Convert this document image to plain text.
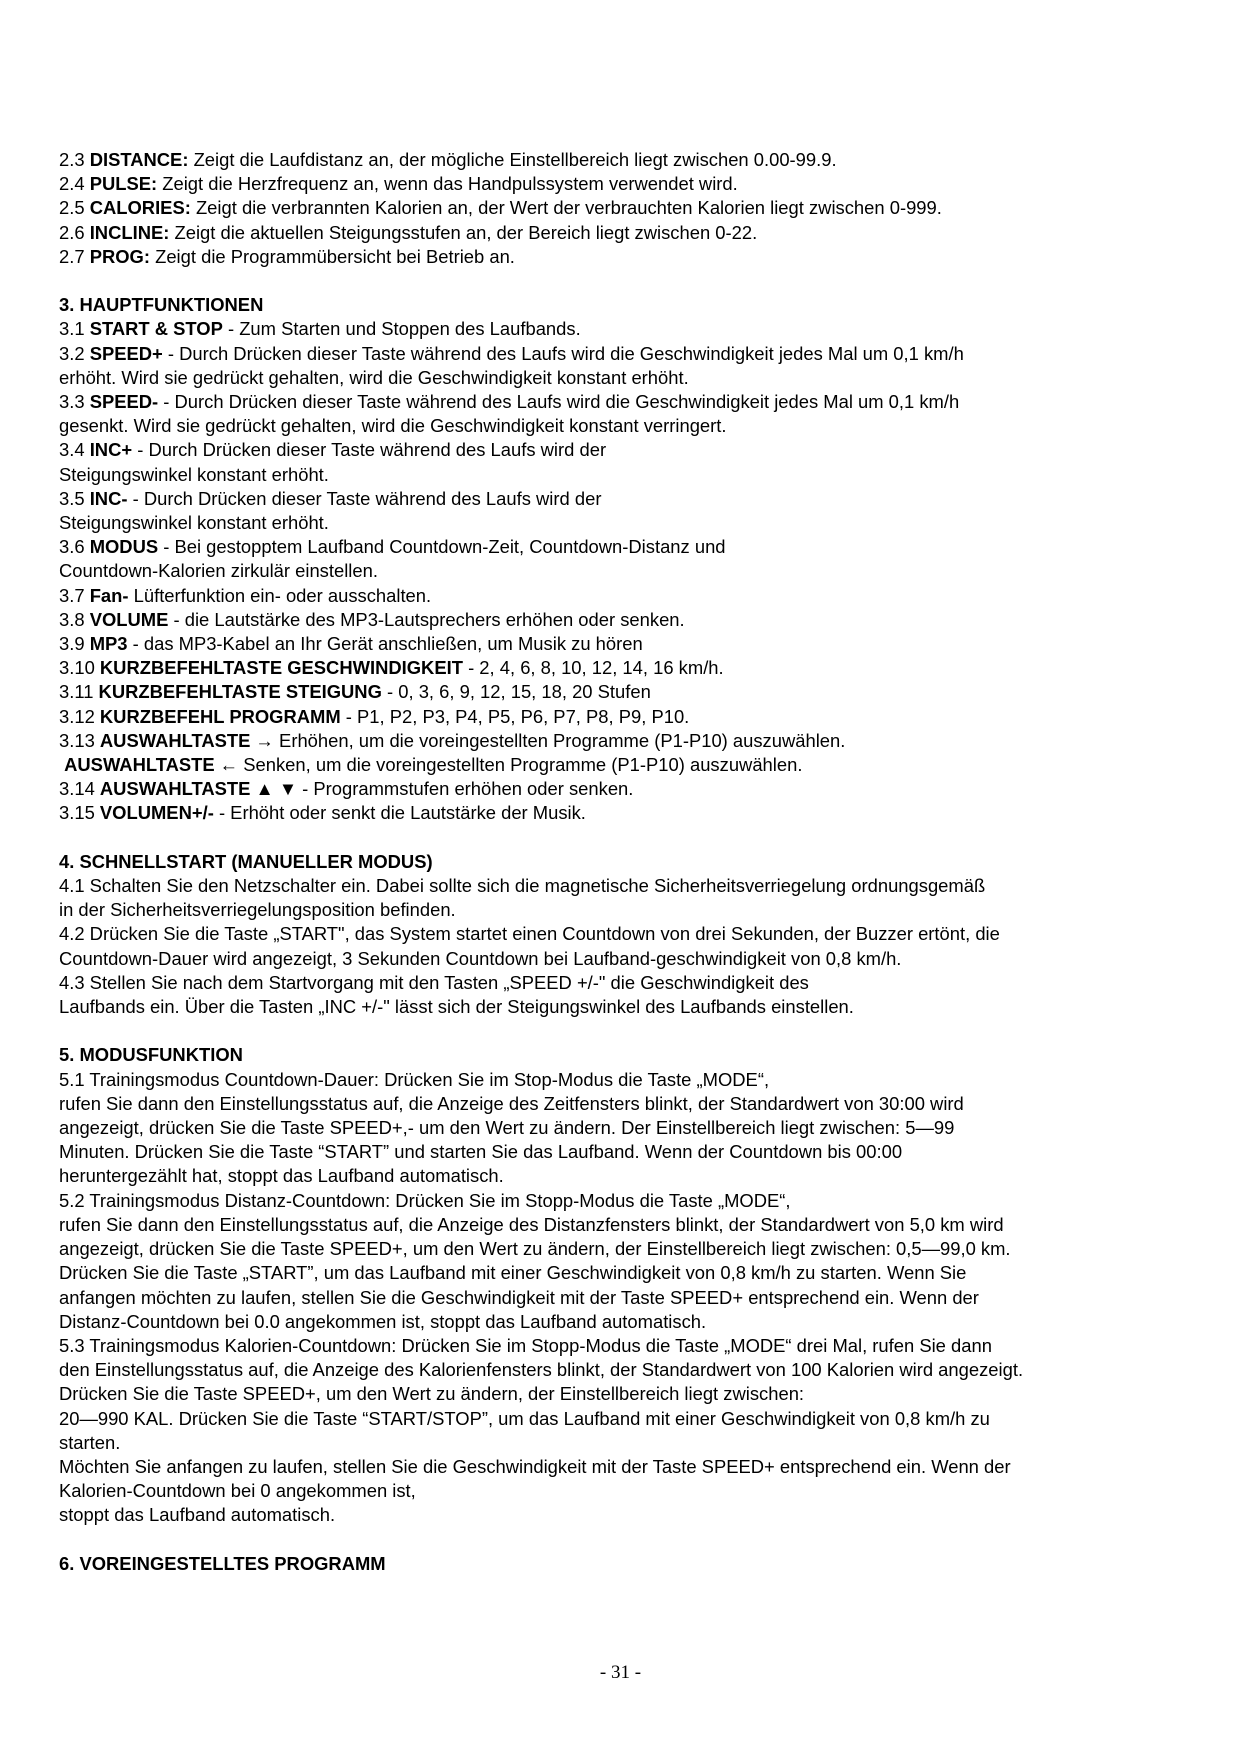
2.3 DISTANCE: Zeigt die Laufdistanz an, der mögliche Einstellbereich liegt zwischen 0.00-99.9.
2.4 PULSE: Zeigt die Herzfrequenz an, wenn das Handpulssystem verwendet wird.
2.5 CALORIES: Zeigt die verbrannten Kalorien an, der Wert der verbrauchten Kalorien liegt zwischen 0-999.
2.6 INCLINE: Zeigt die aktuellen Steigungsstufen an, der Bereich liegt zwischen 0-22.
2.7 PROG: Zeigt die Programmübersicht bei Betrieb an.
3. HAUPTFUNKTIONEN
3.1 START & STOP - Zum Starten und Stoppen des Laufbands.
3.2 SPEED+ - Durch Drücken dieser Taste während des Laufs wird die Geschwindigkeit jedes Mal um 0,1 km/h
erhöht. Wird sie gedrückt gehalten, wird die Geschwindigkeit konstant erhöht.
3.3 SPEED- - Durch Drücken dieser Taste während des Laufs wird die Geschwindigkeit jedes Mal um 0,1 km/h
gesenkt. Wird sie gedrückt gehalten, wird die Geschwindigkeit konstant verringert.
3.4 INC+ - Durch Drücken dieser Taste während des Laufs wird der
Steigungswinkel konstant erhöht.
3.5 INC- - Durch Drücken dieser Taste während des Laufs wird der
Steigungswinkel konstant erhöht.
3.6 MODUS - Bei gestopptem Laufband Countdown-Zeit, Countdown-Distanz und
Countdown-Kalorien zirkulär einstellen.
3.7 Fan- Lüfterfunktion ein- oder ausschalten.
3.8 VOLUME - die Lautstärke des MP3-Lautsprechers erhöhen oder senken.
3.9 MP3 - das MP3-Kabel an Ihr Gerät anschließen, um Musik zu hören
3.10 KURZBEFEHLTASTE GESCHWINDIGKEIT - 2, 4, 6, 8, 10, 12, 14, 16 km/h.
3.11 KURZBEFEHLTASTE STEIGUNG - 0, 3, 6, 9, 12, 15, 18, 20 Stufen
3.12 KURZBEFEHL PROGRAMM - P1, P2, P3, P4, P5, P6, P7, P8, P9, P10.
3.13 AUSWAHLTASTE → Erhöhen, um die voreingestellten Programme (P1-P10) auszuwählen.
AUSWAHLTASTE ← Senken, um die voreingestellten Programme (P1-P10) auszuwählen.
3.14 AUSWAHLTASTE ▲ ▼ - Programmstufen erhöhen oder senken.
3.15 VOLUMEN+/- - Erhöht oder senkt die Lautstärke der Musik.
4. SCHNELLSTART (MANUELLER MODUS)
4.1 Schalten Sie den Netzschalter ein. Dabei sollte sich die magnetische Sicherheitsverriegelung ordnungsgemäß
in der Sicherheitsverriegelungsposition befinden.
4.2 Drücken Sie die Taste „START", das System startet einen Countdown von drei Sekunden, der Buzzer ertönt, die
Countdown-Dauer wird angezeigt, 3 Sekunden Countdown bei Laufband-geschwindigkeit von 0,8 km/h.
4.3 Stellen Sie nach dem Startvorgang mit den Tasten „SPEED +/-" die Geschwindigkeit des
Laufbands ein. Über die Tasten „INC +/-" lässt sich der Steigungswinkel des Laufbands einstellen.
5. MODUSFUNKTION
5.1 Trainingsmodus Countdown-Dauer: Drücken Sie im Stop-Modus die Taste „MODE“,
rufen Sie dann den Einstellungsstatus auf, die Anzeige des Zeitfensters blinkt, der Standardwert von 30:00 wird
angezeigt, drücken Sie die Taste SPEED+,- um den Wert zu ändern. Der Einstellbereich liegt zwischen: 5—99
Minuten. Drücken Sie die Taste “START” und starten Sie das Laufband. Wenn der Countdown bis 00:00
heruntergezählt hat, stoppt das Laufband automatisch.
5.2 Trainingsmodus Distanz-Countdown: Drücken Sie im Stopp-Modus die Taste „MODE“,
rufen Sie dann den Einstellungsstatus auf, die Anzeige des Distanzfensters blinkt, der Standardwert von 5,0 km wird
angezeigt, drücken Sie die Taste SPEED+, um den Wert zu ändern, der Einstellbereich liegt zwischen: 0,5—99,0 km.
Drücken Sie die Taste „START”, um das Laufband mit einer Geschwindigkeit von 0,8 km/h zu starten. Wenn Sie
anfangen möchten zu laufen, stellen Sie die Geschwindigkeit mit der Taste SPEED+ entsprechend ein. Wenn der
Distanz-Countdown bei 0.0 angekommen ist, stoppt das Laufband automatisch.
5.3 Trainingsmodus Kalorien-Countdown: Drücken Sie im Stopp-Modus die Taste „MODE“ drei Mal, rufen Sie dann
den Einstellungsstatus auf, die Anzeige des Kalorienfensters blinkt, der Standardwert von 100 Kalorien wird angezeigt.
Drücken Sie die Taste SPEED+, um den Wert zu ändern, der Einstellbereich liegt zwischen:
20—990 KAL. Drücken Sie die Taste “START/STOP”, um das Laufband mit einer Geschwindigkeit von 0,8 km/h zu
starten.
Möchten Sie anfangen zu laufen, stellen Sie die Geschwindigkeit mit der Taste SPEED+ entsprechend ein. Wenn der
Kalorien-Countdown bei 0 angekommen ist,
stoppt das Laufband automatisch.
6. VOREINGESTELLTES PROGRAMM
- 31 -
